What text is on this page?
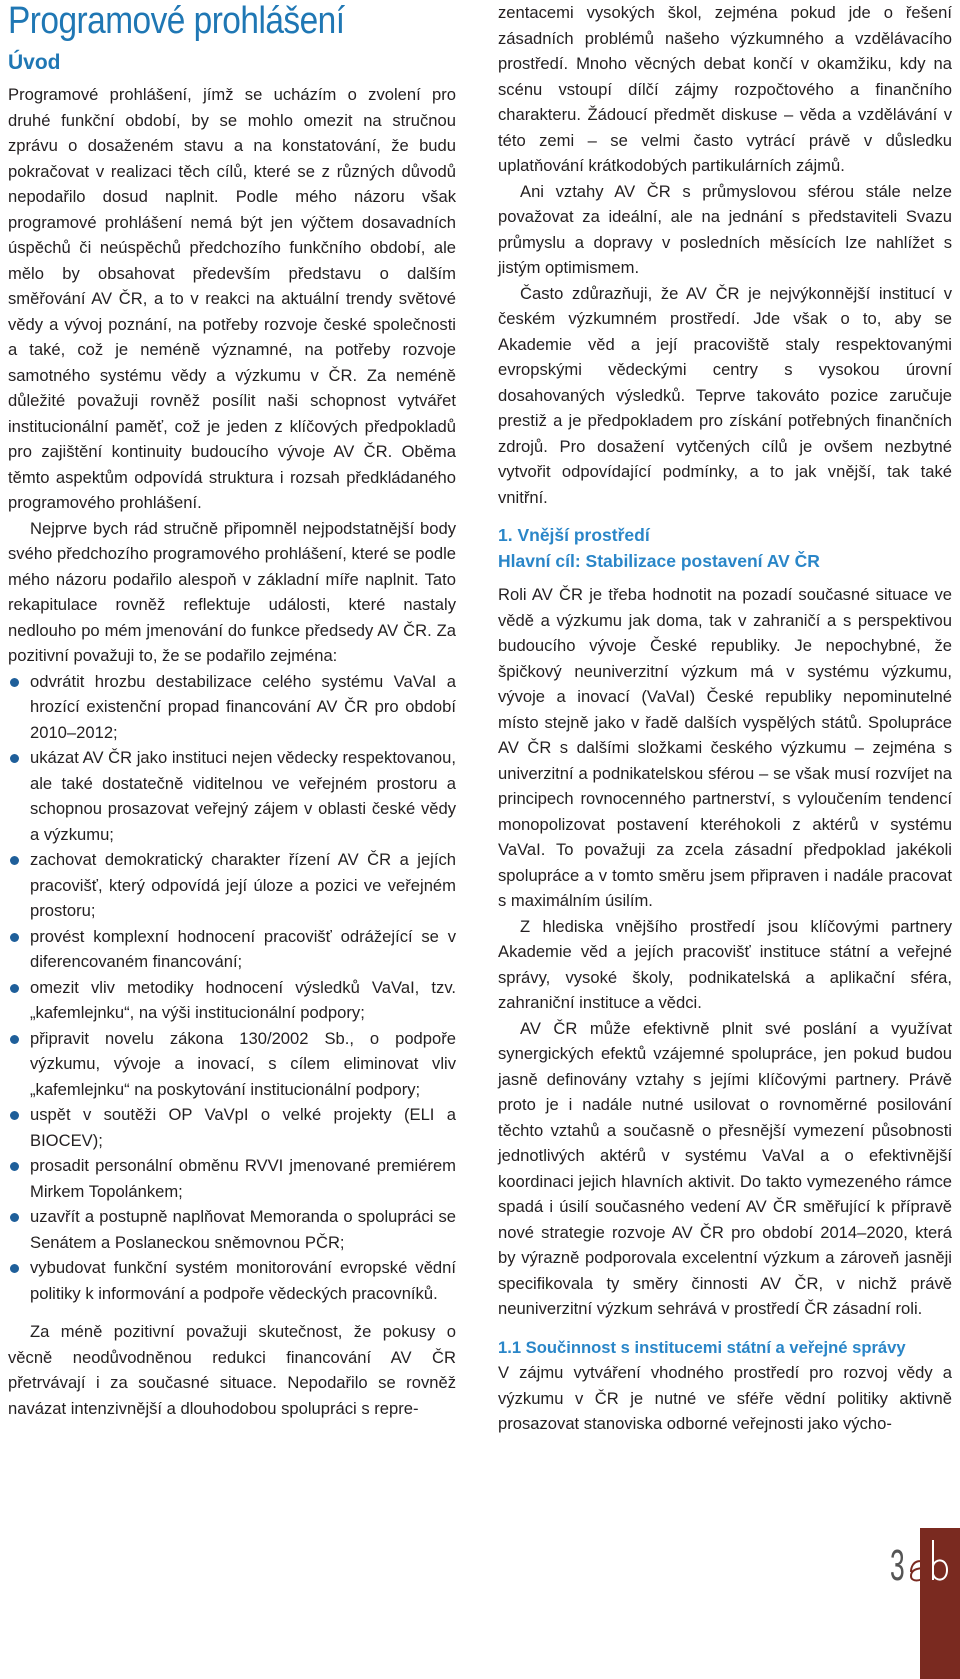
Programové prohlášení
Úvod

Programové prohlášení, jímž se ucházím o zvolení pro druhé funkční období, by se mohlo omezit na stručnou zprávu o dosaženém stavu a na konstatování, že budu pokračovat v realizaci těch cílů, které se z různých důvodů nepodařilo dosud naplnit. Podle mého názoru však programové prohlášení nemá být jen výčtem dosavadních úspěchů či neúspěchů předchozího funkčního období, ale mělo by obsahovat především představu o dalším směřování AV ČR, a to v reakci na aktuální trendy světové vědy a vývoj poznání, na potřeby rozvoje české společnosti a také, což je neméně významné, na potřeby rozvoje samotného systému vědy a výzkumu v ČR. Za neméně důležité považuji rovněž posílit naši schopnost vytvářet institucionální paměť, což je jeden z klíčových předpokladů pro zajištění kontinuity budoucího vývoje AV ČR. Oběma těmto aspektům odpovídá struktura i rozsah předkládaného programového prohlášení.

Nejprve bych rád stručně připomněl nejpodstatnější body svého předchozího programového prohlášení, které se podle mého názoru podařilo alespoň v základní míře naplnit. Tato rekapitulace rovněž reflektuje události, které nastaly nedlouho po mém jmenování do funkce předsedy AV ČR. Za pozitivní považuji to, že se podařilo zejména:

odvrátit hrozbu destabilizace celého systému VaVaI a hrozící existenční propad financování AV ČR pro období 2010–2012;
ukázat AV ČR jako instituci nejen vědecky respektovanou, ale také dostatečně viditelnou ve veřejném prostoru a schopnou prosazovat veřejný zájem v oblasti české vědy a výzkumu;
zachovat demokratický charakter řízení AV ČR a jejích pracovišť, který odpovídá její úloze a pozici ve veřejném prostoru;
provést komplexní hodnocení pracovišť odrážející se v diferencovaném financování;
omezit vliv metodiky hodnocení výsledků VaVaI, tzv. „kafemlejnku“, na výši institucionální podpory;
připravit novelu zákona 130/2002 Sb., o podpoře výzkumu, vývoje a inovací, s cílem eliminovat vliv „kafemlejnku“ na poskytování institucionální podpory;
uspět v soutěži OP VaVpI o velké projekty (ELI a BIOCEV);
prosadit personální obměnu RVVI jmenované premiérem Mirkem Topolánkem;
uzavřít a postupně naplňovat Memoranda o spolupráci se Senátem a Poslaneckou sněmovnou PČR;
vybudovat funkční systém monitorování evropské vědní politiky k informování a podpoře vědeckých pracovníků.

Za méně pozitivní považuji skutečnost, že pokusy o věcně neodůvodněnou redukci financování AV ČR přetrvávají i za současné situace. Nepodařilo se rovněž navázat intenzivnější a dlouhodobou spolupráci s repre-

zentacemi vysokých škol, zejména pokud jde o řešení zásadních problémů našeho výzkumného a vzdělávacího prostředí. Mnoho věcných debat končí v okamžiku, kdy na scénu vstoupí dílčí zájmy rozpočtového a finančního charakteru. Žádoucí předmět diskuse – věda a vzdělávání v této zemi – se velmi často vytrácí právě v důsledku uplatňování krátkodobých partikulárních zájmů.

Ani vztahy AV ČR s průmyslovou sférou stále nelze považovat za ideální, ale na jednání s představiteli Svazu průmyslu a dopravy v posledních měsících lze nahlížet s jistým optimismem.

Často zdůrazňuji, že AV ČR je nejvýkonnější institucí v českém výzkumném prostředí. Jde však o to, aby se Akademie věd a její pracoviště staly respektovanými evropskými vědeckými centry s vysokou úrovní dosahovaných výsledků. Teprve takováto pozice zaručuje prestiž a je předpokladem pro získání potřebných finančních zdrojů. Pro dosažení vytčených cílů je ovšem nezbytné vytvořit odpovídající podmínky, a to jak vnější, tak také vnitřní.

1. Vnější prostředí
Hlavní cíl: Stabilizace postavení AV ČR

Roli AV ČR je třeba hodnotit na pozadí současné situace ve vědě a výzkumu jak doma, tak v zahraničí a s perspektivou budoucího vývoje České republiky. Je nepochybné, že špičkový neuniverzitní výzkum má v systému výzkumu, vývoje a inovací (VaVaI) České republiky nepominutelné místo stejně jako v řadě dalších vyspělých států. Spolupráce AV ČR s dalšími složkami českého výzkumu – zejména s univerzitní a podnikatelskou sférou – se však musí rozvíjet na principech rovnocenného partnerství, s vyloučením tendencí monopolizovat postavení kteréhokoli z aktérů v systému VaVaI. To považuji za zcela zásadní předpoklad jakékoli spolupráce a v tomto směru jsem připraven i nadále pracovat s maximálním úsilím.

Z hlediska vnějšího prostředí jsou klíčovými partnery Akademie věd a jejích pracovišť instituce státní a veřejné správy, vysoké školy, podnikatelská a aplikační sféra, zahraniční instituce a vědci.

AV ČR může efektivně plnit své poslání a využívat synergických efektů vzájemné spolupráce, jen pokud budou jasně definovány vztahy s jejími klíčovými partnery. Právě proto je i nadále nutné usilovat o rovnoměrné posilování těchto vztahů a současně o přesnější vymezení působnosti jednotlivých aktérů v systému VaVaI a o efektivnější koordinaci jejich hlavních aktivit. Do takto vymezeného rámce spadá i úsilí současného vedení AV ČR směřující k přípravě nové strategie rozvoje AV ČR pro období 2014–2020, která by výrazně podporovala excelentní výzkum a zároveň jasněji specifikovala ty směry činnosti AV ČR, v nichž právě neuniverzitní výzkum sehrává v prostředí ČR zásadní roli.

1.1 Součinnost s institucemi státní a veřejné správy

V zájmu vytváření vhodného prostředí pro rozvoj vědy a výzkumu v ČR je nutné ve sféře vědní politiky aktivně prosazovat stanoviska odborné veřejnosti jako výcho-

3
